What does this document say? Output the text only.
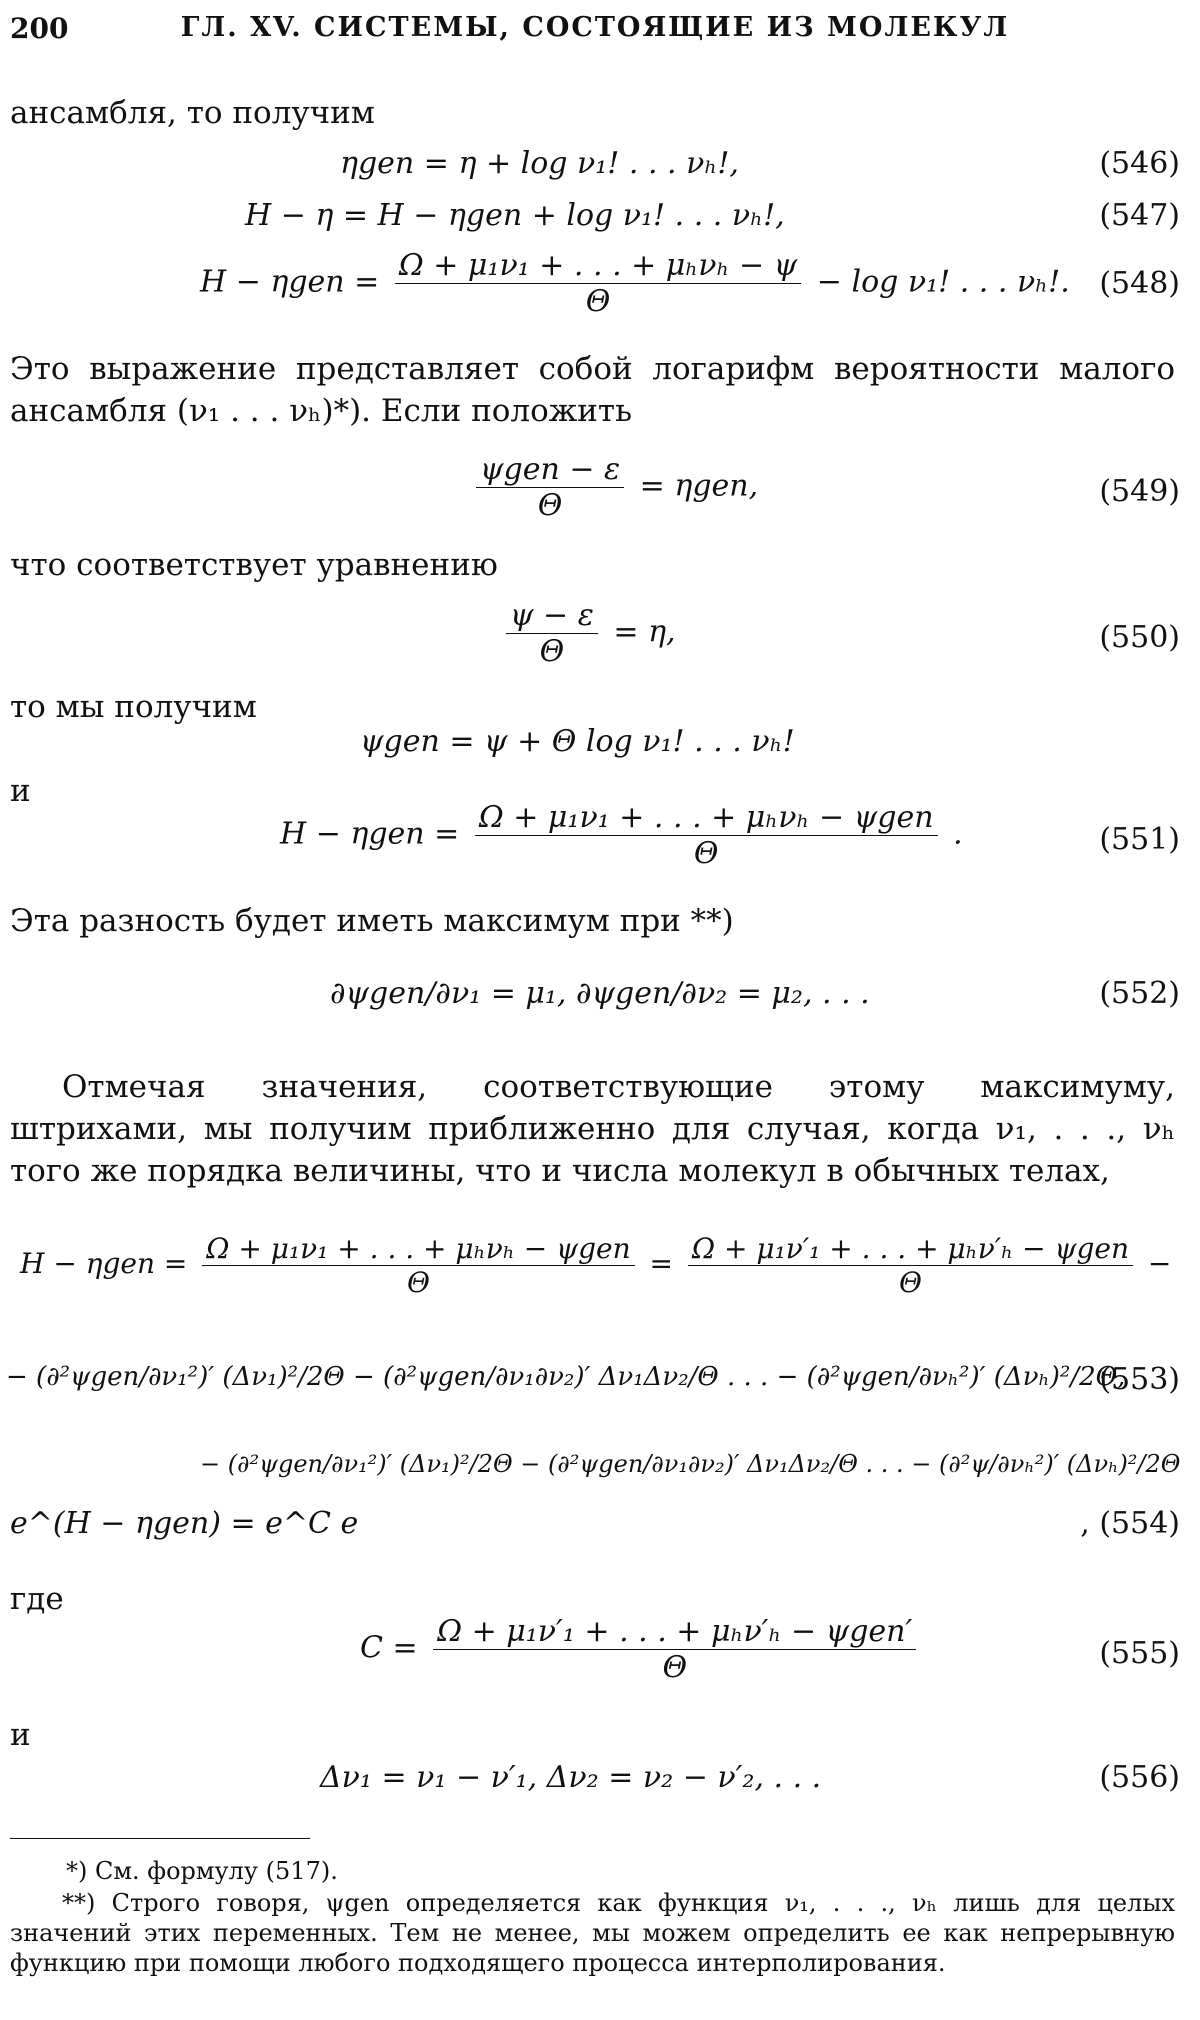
200	ГЛ. XV. СИСТЕМЫ, СОСТОЯЩИЕ ИЗ МОЛЕКУЛ
ансамбля, то получим
ηgen = η + log ν₁! . . . νₕ!,	(546)
H − η = H − ηgen + log ν₁! . . . νₕ!,	(547)
$H - \eta gen = \frac{\text{Ω + μ₁ν₁ + . . . + μₕνₕ − ψ}}{\Theta} - \log \nu_1$! . . . νₕ!. (548)
Это выражение представляет собой логарифм вероятности малого ансамбля (ν₁ . . . νₕ)*). Если положить
$\frac{\text{ψgen − ε}}{\Theta} = \eta gen$,	(549)
что соответствует уравнению
$\frac{\psi - \varepsilon}{\Theta} = \eta$,	(550)
то мы получим
ψgen = ψ + Θ log ν₁! . . . νₕ!
и
$H - \eta gen = \frac{\text{Ω + μ₁ν₁ + . . . + μₕνₕ − ψgen}}{\Theta}$ .	(551)
Эта разность будет иметь максимум при **)
∂ψgen/∂ν₁ = μ₁, ∂ψgen/∂ν₂ = μ₂, . . .	(552)
Отмечая значения, соответствующие этому максимуму, штрихами, мы получим приближенно для случая, когда ν₁, . . ., νₕ того же порядка величины, что и числа молекул в обычных телах,
$H - \eta gen = \frac{\text{Ω + μ₁ν₁ + . . . + μₕνₕ − ψgen}}{\Theta} = \frac{\text{Ω + μ₁ν′₁ + . . . + μₕν′ₕ − ψgen}}{\Theta}$ −
− (∂²ψgen/∂ν₁²)′ (Δν₁)²/2Θ − (∂²ψgen/∂ν₁∂ν₂)′ Δν₁Δν₂/Θ . . . − (∂²ψgen/∂νₕ²)′ (Δνₕ)²/2Θ,
(553)
− (∂²ψgen/∂ν₁²)′ (Δν₁)²/2Θ − (∂²ψgen/∂ν₁∂ν₂)′ Δν₁Δν₂/Θ . . . − (∂²ψ/∂νₕ²)′ (Δνₕ)²/2Θ
e^(H − ηgen) = e^C e	, (554)
где
$C = \frac{\text{Ω + μ₁ν′₁ + . . . + μₕν′ₕ − ψgen′}}{\Theta}$	(555)
и
Δν₁ = ν₁ − ν′₁, Δν₂ = ν₂ − ν′₂, . . .	(556)
*) См. формулу (517).
**) Строго говоря, ψgen определяется как функция ν₁, . . ., νₕ лишь для целых значений этих переменных. Тем не менее, мы можем определить ее как непрерывную функцию при помощи любого подходящего процесса интерполирования.
